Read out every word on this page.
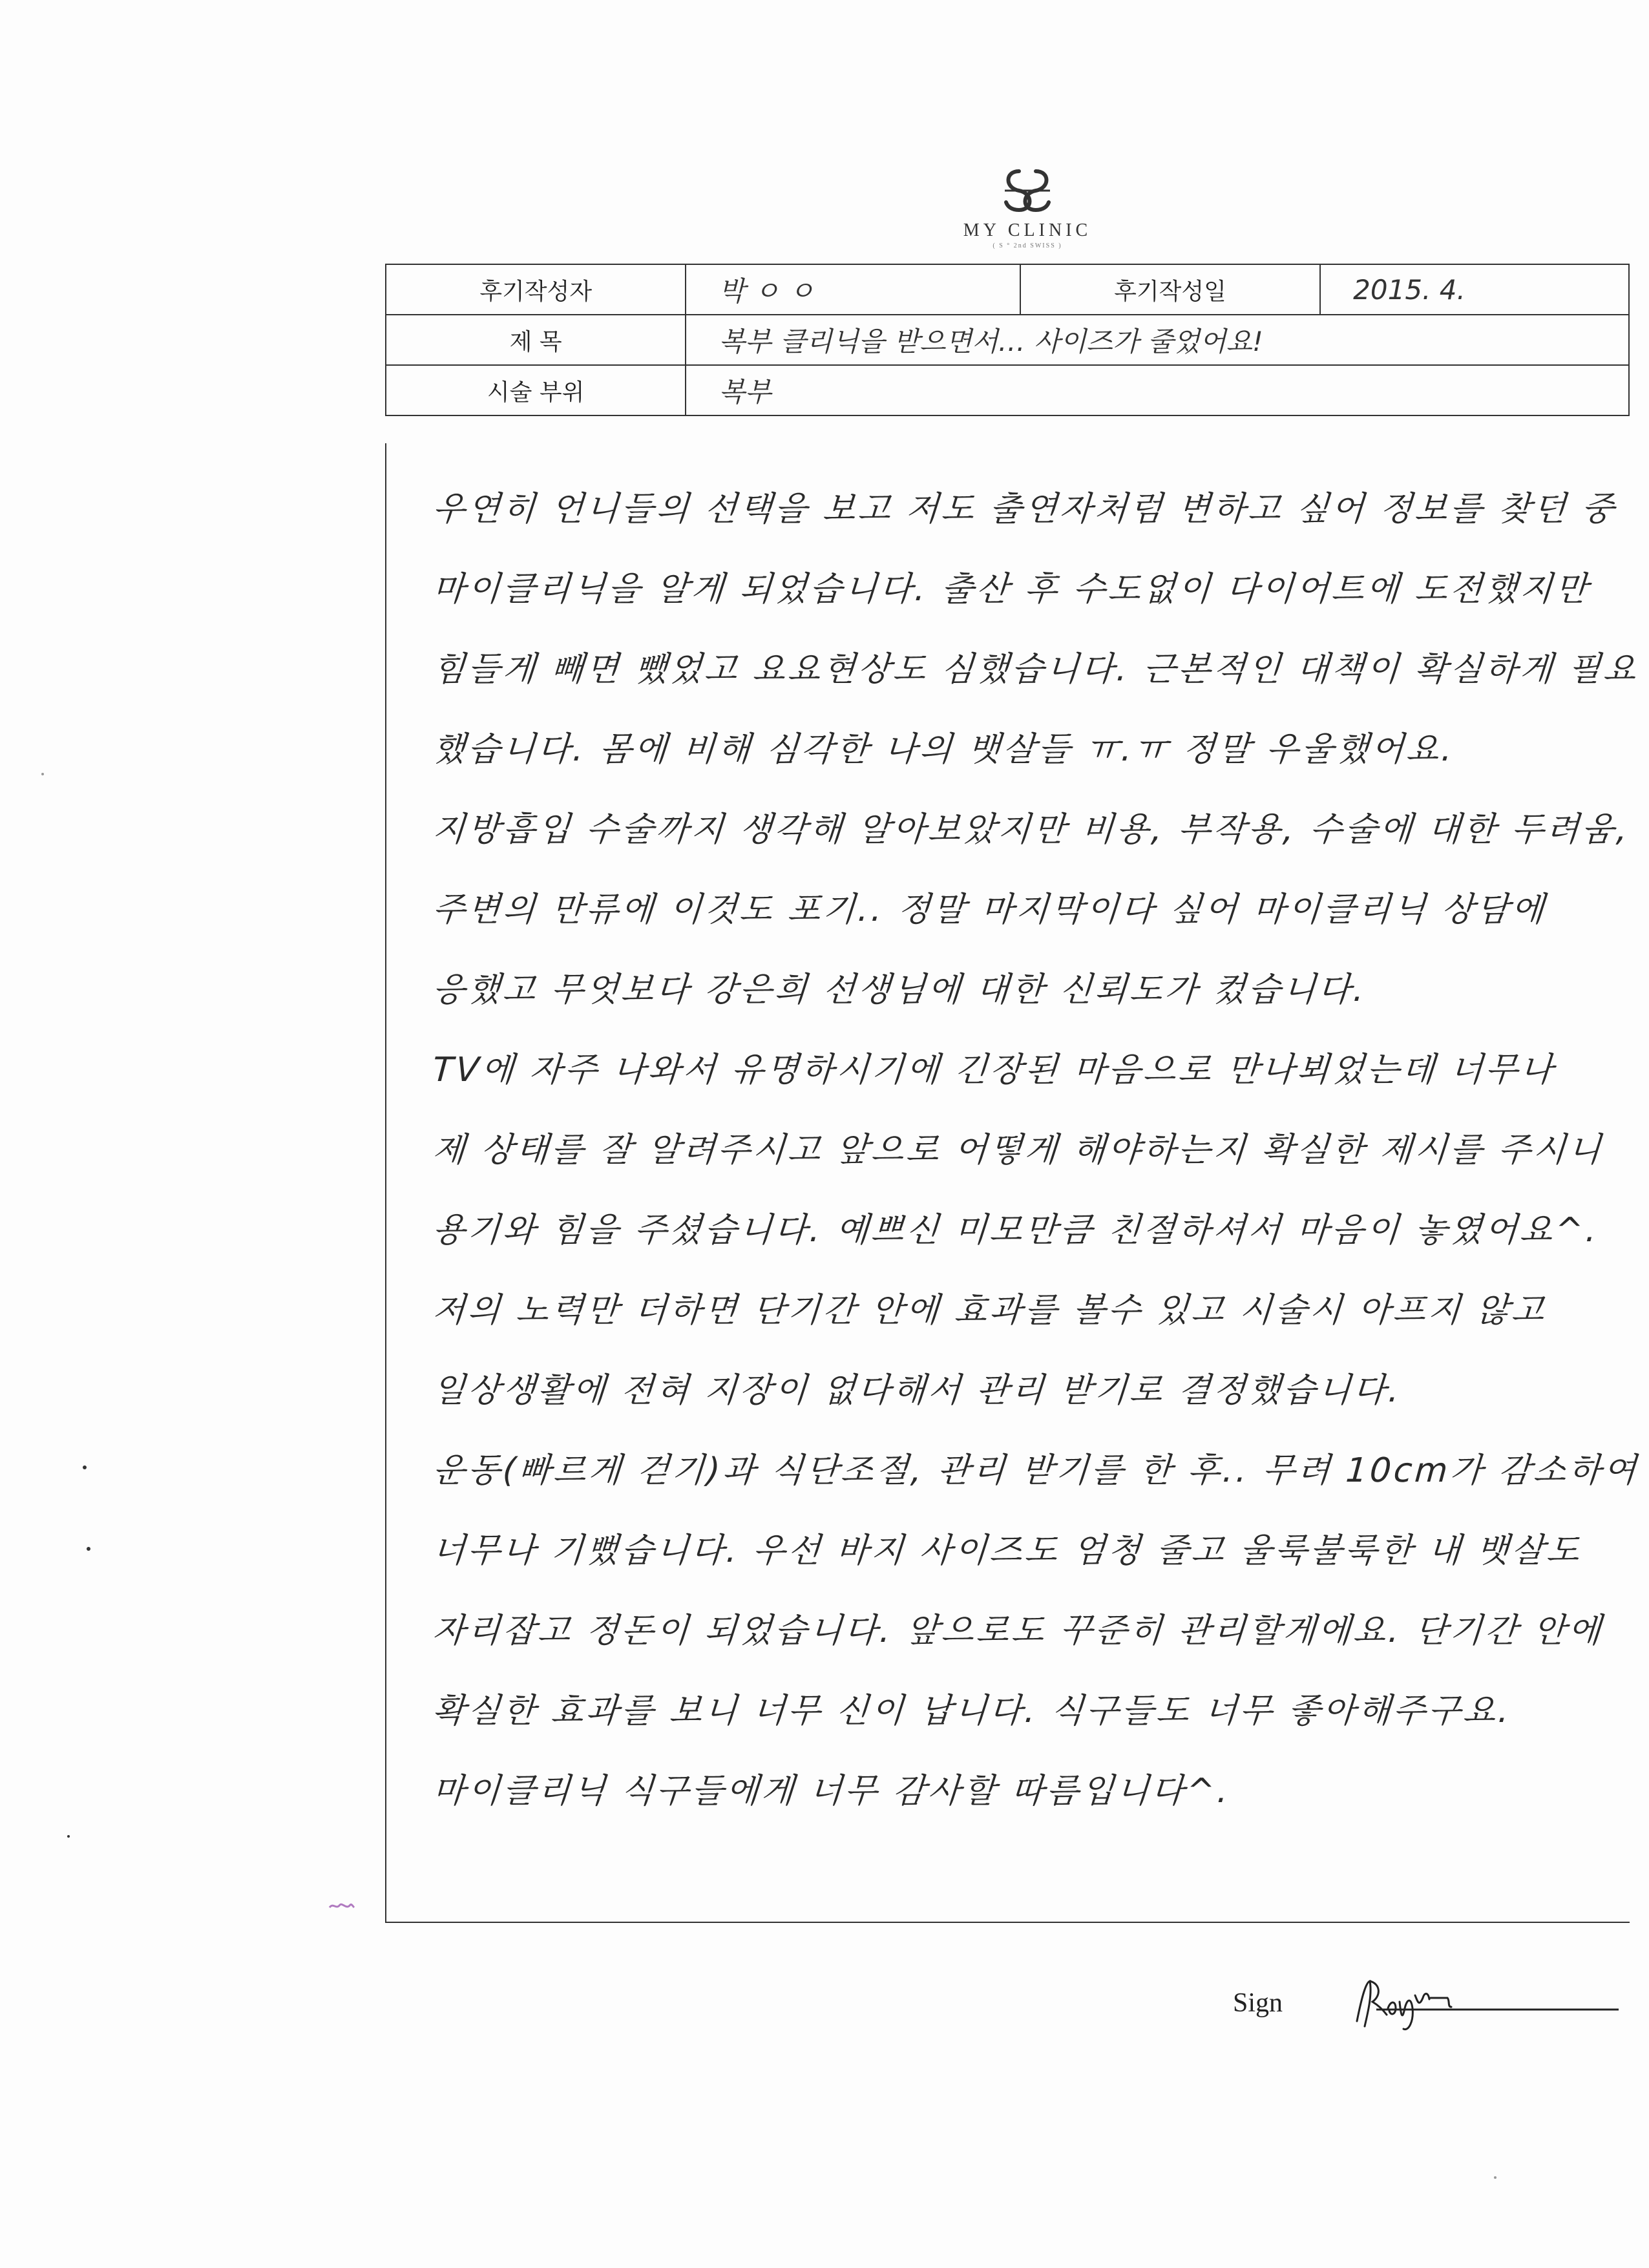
MY CLINIC
( S ° 2nd SWISS )
후기작성자	박 ㅇ ㅇ	후기작성일	2015. 4.
제 목	복부 클리닉을 받으면서… 사이즈가 줄었어요!		
시술 부위	복부		
우연히 언니들의 선택을 보고 저도 출연자처럼 변하고 싶어 정보를 찾던 중
마이클리닉을 알게 되었습니다. 출산 후 수도없이 다이어트에 도전했지만
힘들게 빼면 뺐었고 요요현상도 심했습니다. 근본적인 대책이 확실하게 필요
했습니다. 몸에 비해 심각한 나의 뱃살들 ㅠ.ㅠ 정말 우울했어요.
지방흡입 수술까지 생각해 알아보았지만 비용, 부작용, 수술에 대한 두려움,
주변의 만류에 이것도 포기.. 정말 마지막이다 싶어 마이클리닉 상담에
응했고 무엇보다 강은희 선생님에 대한 신뢰도가 컸습니다.
TV에 자주 나와서 유명하시기에 긴장된 마음으로 만나뵈었는데 너무나
제 상태를 잘 알려주시고 앞으로 어떻게 해야하는지 확실한 제시를 주시니
용기와 힘을 주셨습니다. 예쁘신 미모만큼 친절하셔서 마음이 놓였어요^.
저의 노력만 더하면 단기간 안에 효과를 볼수 있고 시술시 아프지 않고
일상생활에 전혀 지장이 없다해서 관리 받기로 결정했습니다.
운동(빠르게 걷기)과 식단조절, 관리 받기를 한 후.. 무려 10cm가 감소하여
너무나 기뻤습니다. 우선 바지 사이즈도 엄청 줄고 울룩불룩한 내 뱃살도
자리잡고 정돈이 되었습니다. 앞으로도 꾸준히 관리할게에요. 단기간 안에
확실한 효과를 보니 너무 신이 납니다. 식구들도 너무 좋아해주구요.
마이클리닉 식구들에게 너무 감사할 따름입니다^.
Sign
